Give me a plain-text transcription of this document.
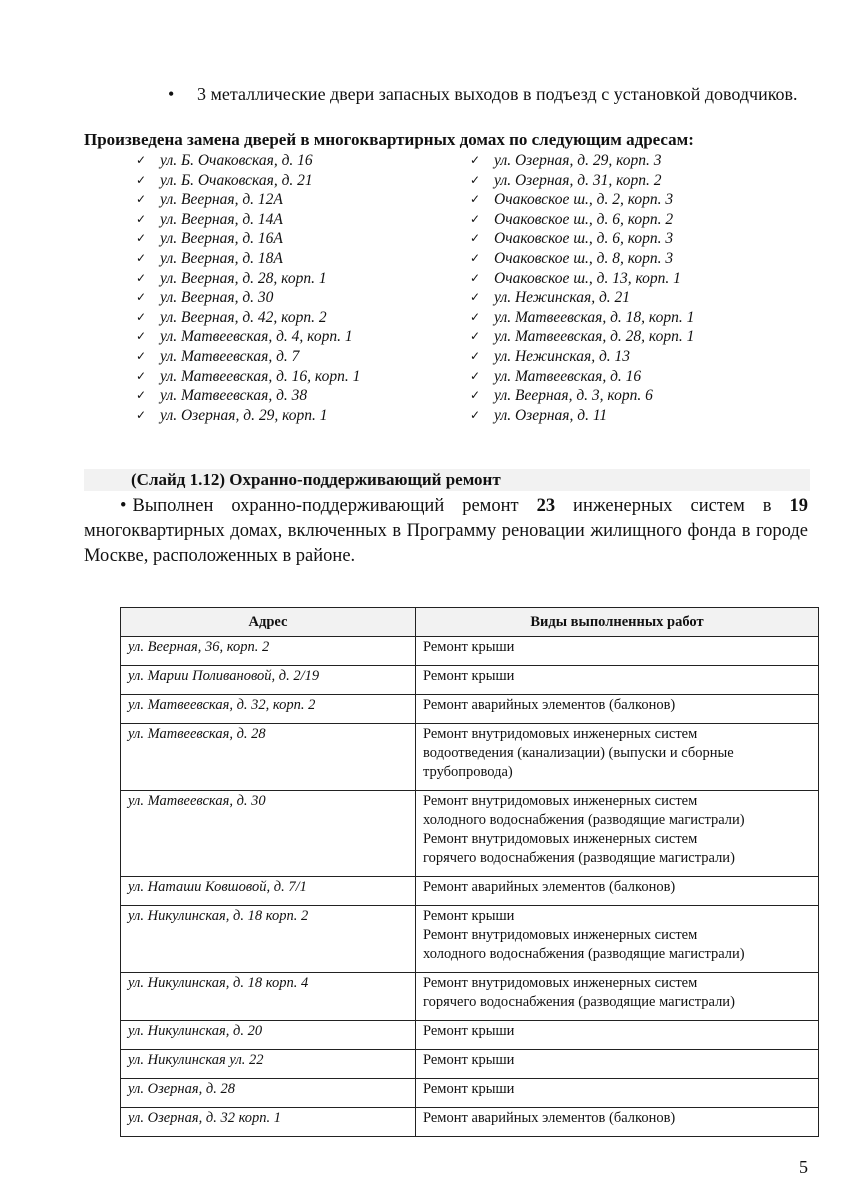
• 3 металлические двери запасных выходов в подъезд с установкой доводчиков.
Произведена замена дверей в многоквартирных домах по следующим адресам:
✓ ул. Б. Очаковская, д. 16
✓ ул. Б. Очаковская, д. 21
✓ ул. Веерная, д. 12А
✓ ул. Веерная, д. 14А
✓ ул. Веерная, д. 16А
✓ ул. Веерная, д. 18А
✓ ул. Веерная, д. 28, корп. 1
✓ ул. Веерная, д. 30
✓ ул. Веерная, д. 42, корп. 2
✓ ул. Матвеевская, д. 4, корп. 1
✓ ул. Матвеевская, д. 7
✓ ул. Матвеевская, д. 16, корп. 1
✓ ул. Матвеевская, д. 38
✓ ул. Озерная, д. 29, корп. 1
✓ ул. Озерная, д. 29, корп. 3
✓ ул. Озерная, д. 31, корп. 2
✓ Очаковское ш., д. 2, корп. 3
✓ Очаковское ш., д. 6, корп. 2
✓ Очаковское ш., д. 6, корп. 3
✓ Очаковское ш., д. 8, корп. 3
✓ Очаковское ш., д. 13, корп. 1
✓ ул. Нежинская, д. 21
✓ ул. Матвеевская, д. 18, корп. 1
✓ ул. Матвеевская, д. 28, корп. 1
✓ ул. Нежинская, д. 13
✓ ул. Матвеевская, д. 16
✓ ул. Веерная, д. 3, корп. 6
✓ ул. Озерная, д. 11
(Слайд 1.12) Охранно-поддерживающий ремонт

• Выполнен охранно-поддерживающий ремонт 23 инженерных систем в 19 многоквартирных домах, включенных в Программу реновации жилищного фонда в городе Москве, расположенных в районе.

Адрес	Виды выполненных работ
ул. Веерная, 36, корп. 2	Ремонт крыши

ул. Марии Поливановой, д. 2/19	Ремонт крыши

ул. Матвеевская, д. 32, корп. 2	Ремонт аварийных элементов (балконов)

ул. Матвеевская, д. 28	Ремонт внутридомовых инженерных систем
водоотведения (канализации) (выпуски и сборные
трубопровода)

ул. Матвеевская, д. 30	Ремонт внутридомовых инженерных систем
холодного водоснабжения (разводящие магистрали)
Ремонт внутридомовых инженерных систем
горячего водоснабжения (разводящие магистрали)

ул. Наташи Ковшовой, д. 7/1	Ремонт аварийных элементов (балконов)

ул. Никулинская, д. 18 корп. 2	Ремонт крыши
Ремонт внутридомовых инженерных систем
холодного водоснабжения (разводящие магистрали)

ул. Никулинская, д. 18 корп. 4	Ремонт внутридомовых инженерных систем
горячего водоснабжения (разводящие магистрали)

ул. Никулинская, д. 20	Ремонт крыши

ул. Никулинская ул. 22	Ремонт крыши

ул. Озерная, д. 28	Ремонт крыши

ул. Озерная, д. 32 корп. 1	Ремонт аварийных элементов (балконов)
5
